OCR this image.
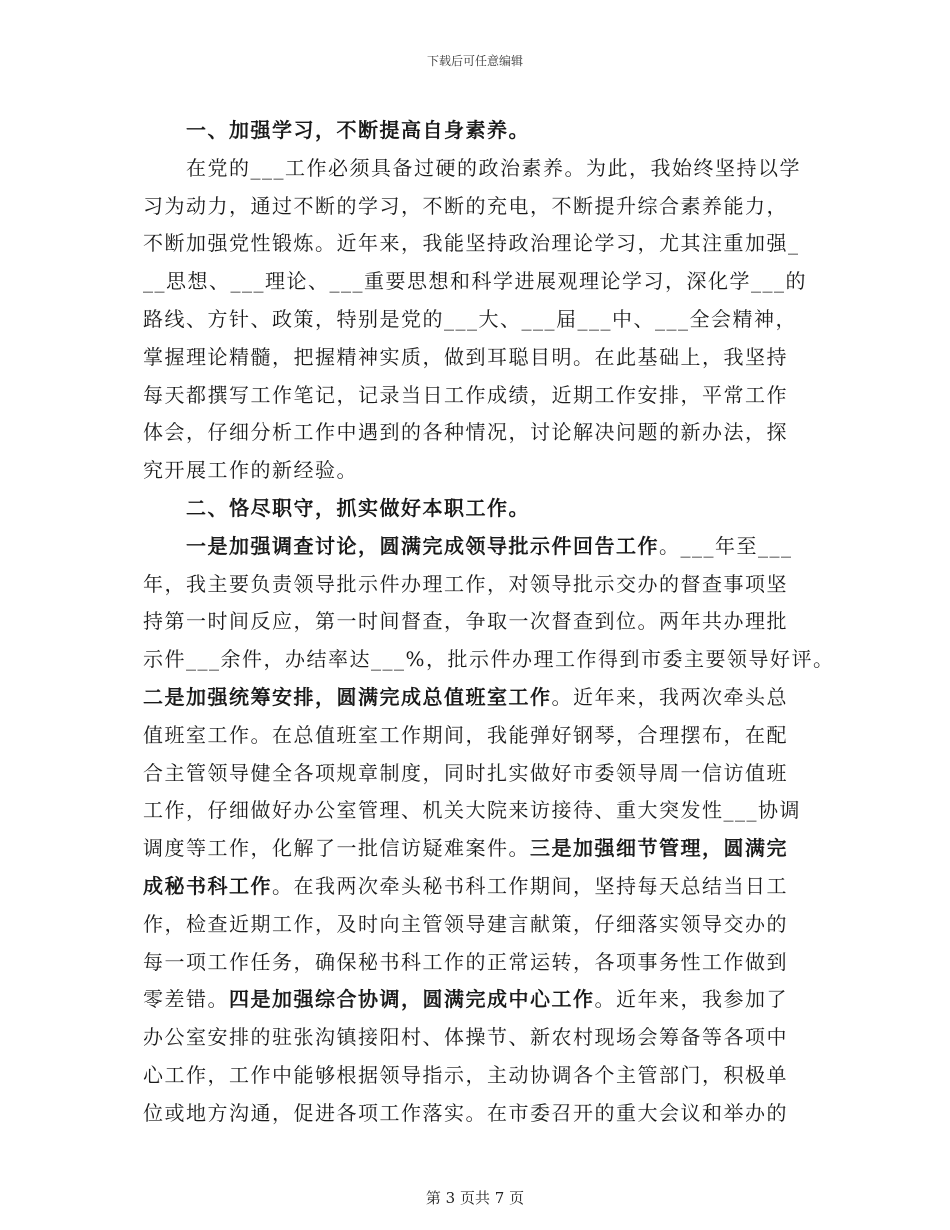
下载后可任意编辑
一、加强学习，不断提高自身素养。
在党的___工作必须具备过硬的政治素养。为此，我始终坚持以学
习为动力，通过不断的学习，不断的充电，不断提升综合素养能力，
不断加强党性锻炼。近年来，我能坚持政治理论学习，尤其注重加强_
__思想、___理论、___重要思想和科学进展观理论学习，深化学___的
路线、方针、政策，特别是党的___大、___届___中、___全会精神，
掌握理论精髓，把握精神实质，做到耳聪目明。在此基础上，我坚持
每天都撰写工作笔记，记录当日工作成绩，近期工作安排，平常工作
体会，仔细分析工作中遇到的各种情况，讨论解决问题的新办法，探
究开展工作的新经验。
二、恪尽职守，抓实做好本职工作。
一是加强调查讨论，圆满完成领导批示件回告工作。___年至___
年，我主要负责领导批示件办理工作，对领导批示交办的督查事项坚
持第一时间反应，第一时间督查，争取一次督查到位。两年共办理批
示件___余件，办结率达___%，批示件办理工作得到市委主要领导好评。
二是加强统筹安排，圆满完成总值班室工作。近年来，我两次牵头总
值班室工作。在总值班室工作期间，我能弹好钢琴，合理摆布，在配
合主管领导健全各项规章制度，同时扎实做好市委领导周一信访值班
工作，仔细做好办公室管理、机关大院来访接待、重大突发性___协调
调度等工作，化解了一批信访疑难案件。三是加强细节管理，圆满完
成秘书科工作。在我两次牵头秘书科工作期间，坚持每天总结当日工
作，检查近期工作，及时向主管领导建言献策，仔细落实领导交办的
每一项工作任务，确保秘书科工作的正常运转，各项事务性工作做到
零差错。四是加强综合协调，圆满完成中心工作。近年来，我参加了
办公室安排的驻张沟镇接阳村、体操节、新农村现场会筹备等各项中
心工作，工作中能够根据领导指示，主动协调各个主管部门，积极单
位或地方沟通，促进各项工作落实。在市委召开的重大会议和举办的
第 3 页共 7 页
